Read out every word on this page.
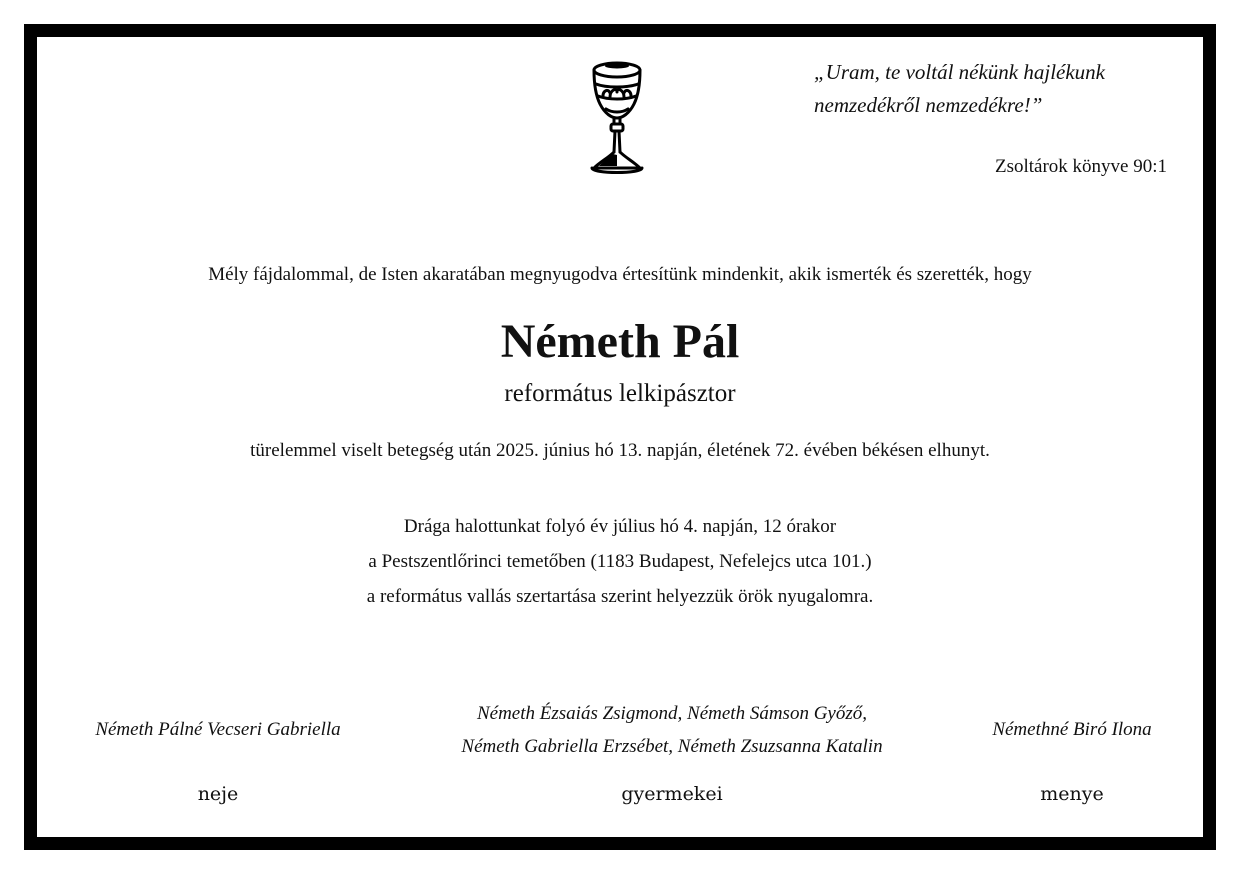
„Uram, te voltál nékünk hajlékunk
nemzedékről nemzedékre!”
Zsoltárok könyve 90:1
Mély fájdalommal, de Isten akaratában megnyugodva értesítünk mindenkit, akik ismerték és szerették, hogy
Németh Pál
református lelkipásztor
türelemmel viselt betegség után 2025. június hó 13. napján, életének 72. évében békésen elhunyt.
Drága halottunkat folyó év július hó 4. napján, 12 órakor
a Pestszentlőrinci temetőben (1183 Budapest, Nefelejcs utca 101.)
a református vallás szertartása szerint helyezzük örök nyugalomra.
Németh Pálné Vecseri Gabriella
Németh Ézsaiás Zsigmond, Németh Sámson Győző,
Németh Gabriella Erzsébet, Németh Zsuzsanna Katalin
Némethné Biró Ilona
neje	gyermekei	menye
